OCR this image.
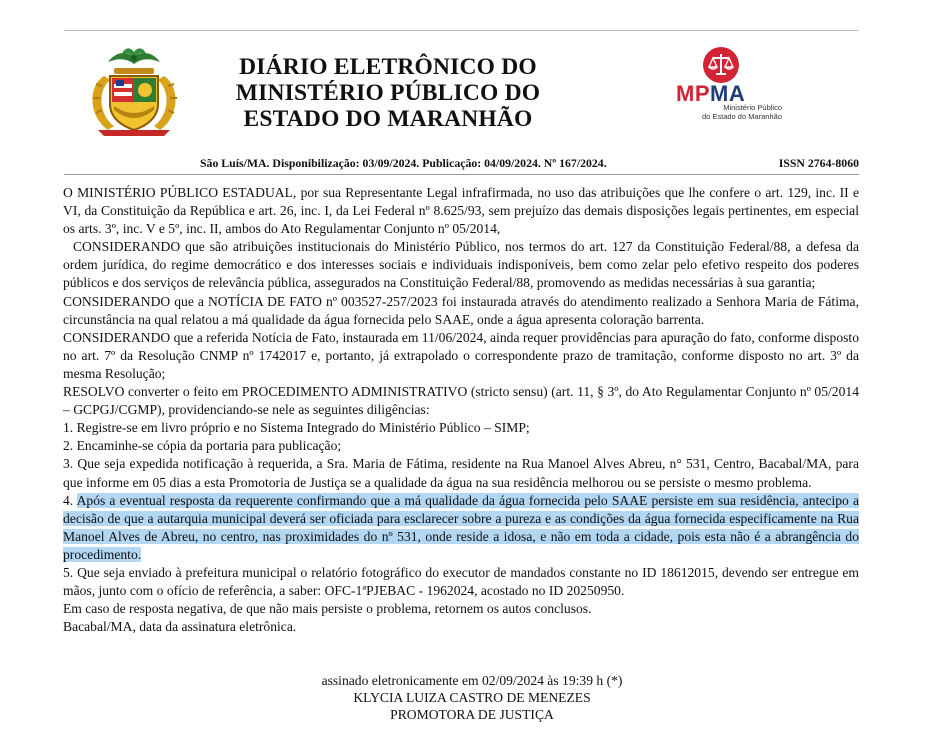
DIÁRIO ELETRÔNICO DO
MINISTÉRIO PÚBLICO DO
ESTADO DO MARANHÃO
MPMA
Ministério Público
do Estado do Maranhão
São Luís/MA. Disponibilização: 03/09/2024. Publicação: 04/09/2024. Nº 167/2024.	ISSN 2764-8060

O MINISTÉRIO PÚBLICO ESTADUAL, por sua Representante Legal infrafirmada, no uso das atribuições que lhe confere o art. 129, inc. II e VI, da Constituição da República e art. 26, inc. I, da Lei Federal nº 8.625/93, sem prejuízo das demais disposições legais pertinentes, em especial os arts. 3º, inc. V e 5º, inc. II, ambos do Ato Regulamentar Conjunto nº 05/2014,

CONSIDERANDO que são atribuições institucionais do Ministério Público, nos termos do art. 127 da Constituição Federal/88, a defesa da ordem jurídica, do regime democrático e dos interesses sociais e individuais indisponíveis, bem como zelar pelo efetivo respeito dos poderes públicos e dos serviços de relevância pública, assegurados na Constituição Federal/88, promovendo as medidas necessárias à sua garantia;

CONSIDERANDO que a NOTÍCIA DE FATO nº 003527-257/2023 foi instaurada através do atendimento realizado a Senhora Maria de Fátima, circunstância na qual relatou a má qualidade da água fornecida pelo SAAE, onde a água apresenta coloração barrenta.

CONSIDERANDO que a referida Notícia de Fato, instaurada em 11/06/2024, ainda requer providências para apuração do fato, conforme disposto no art. 7º da Resolução CNMP nº 1742017 e, portanto, já extrapolado o correspondente prazo de tramitação, conforme disposto no art. 3º da mesma Resolução;

RESOLVO converter o feito em PROCEDIMENTO ADMINISTRATIVO (stricto sensu) (art. 11, § 3º, do Ato Regulamentar Conjunto nº 05/2014 – GCPGJ/CGMP), providenciando-se nele as seguintes diligências:

1. Registre-se em livro próprio e no Sistema Integrado do Ministério Público – SIMP;

2. Encaminhe-se cópia da portaria para publicação;

3. Que seja expedida notificação à requerida, a Sra. Maria de Fátima, residente na Rua Manoel Alves Abreu, n° 531, Centro, Bacabal/MA, para que informe em 05 dias a esta Promotoria de Justiça se a qualidade da água na sua residência melhorou ou se persiste o mesmo problema.

4. Após a eventual resposta da requerente confirmando que a má qualidade da água fornecida pelo SAAE persiste em sua residência, antecipo a decisão de que a autarquia municipal deverá ser oficiada para esclarecer sobre a pureza e as condições da água fornecida especificamente na Rua Manoel Alves de Abreu, no centro, nas proximidades do nº 531, onde reside a idosa, e não em toda a cidade, pois esta não é a abrangência do procedimento.

5. Que seja enviado à prefeitura municipal o relatório fotográfico do executor de mandados constante no ID 18612015, devendo ser entregue em mãos, junto com o ofício de referência, a saber: OFC-1ªPJEBAC - 1962024, acostado no ID 20250950.

Em caso de resposta negativa, de que não mais persiste o problema, retornem os autos conclusos.

Bacabal/MA, data da assinatura eletrônica.

assinado eletronicamente em 02/09/2024 às 19:39 h (*)
KLYCIA LUIZA CASTRO DE MENEZES
PROMOTORA DE JUSTIÇA
